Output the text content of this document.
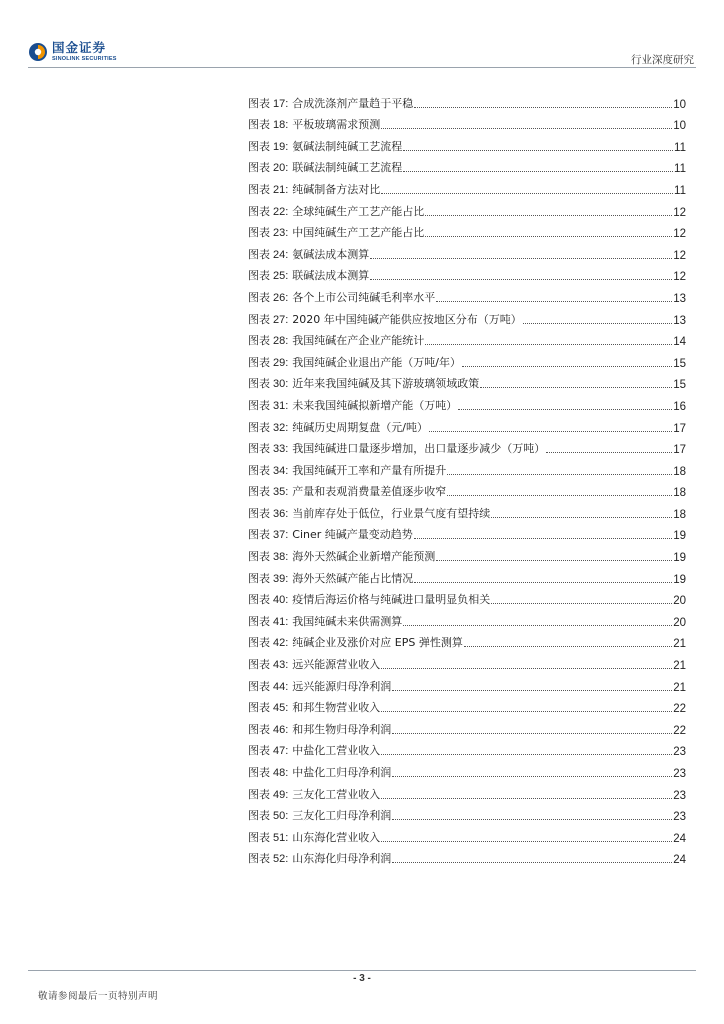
国金证券
SINOLINK SECURITIES	行业深度研究
图表 17: 合成洗涤剂产量趋于平稳	10
图表 18: 平板玻璃需求预测	10
图表 19: 氨碱法制纯碱工艺流程	11
图表 20: 联碱法制纯碱工艺流程	11
图表 21: 纯碱制备方法对比	11
图表 22: 全球纯碱生产工艺产能占比	12
图表 23: 中国纯碱生产工艺产能占比	12
图表 24: 氨碱法成本测算	12
图表 25: 联碱法成本测算	12
图表 26: 各个上市公司纯碱毛利率水平	13
图表 27: 2020 年中国纯碱产能供应按地区分布（万吨）	13
图表 28: 我国纯碱在产企业产能统计	14
图表 29: 我国纯碱企业退出产能（万吨/年）	15
图表 30: 近年来我国纯碱及其下游玻璃领域政策	15
图表 31: 未来我国纯碱拟新增产能（万吨）	16
图表 32: 纯碱历史周期复盘（元/吨）	17
图表 33: 我国纯碱进口量逐步增加，出口量逐步减少（万吨）	17
图表 34: 我国纯碱开工率和产量有所提升	18
图表 35: 产量和表观消费量差值逐步收窄	18
图表 36: 当前库存处于低位，行业景气度有望持续	18
图表 37: Ciner 纯碱产量变动趋势	19
图表 38: 海外天然碱企业新增产能预测	19
图表 39: 海外天然碱产能占比情况	19
图表 40: 疫情后海运价格与纯碱进口量明显负相关	20
图表 41: 我国纯碱未来供需测算	20
图表 42: 纯碱企业及涨价对应 EPS 弹性测算	21
图表 43: 远兴能源营业收入	21
图表 44: 远兴能源归母净利润	21
图表 45: 和邦生物营业收入	22
图表 46: 和邦生物归母净利润	22
图表 47: 中盐化工营业收入	23
图表 48: 中盐化工归母净利润	23
图表 49: 三友化工营业收入	23
图表 50: 三友化工归母净利润	23
图表 51: 山东海化营业收入	24
图表 52: 山东海化归母净利润	24
- 3 -
敬请参阅最后一页特别声明
